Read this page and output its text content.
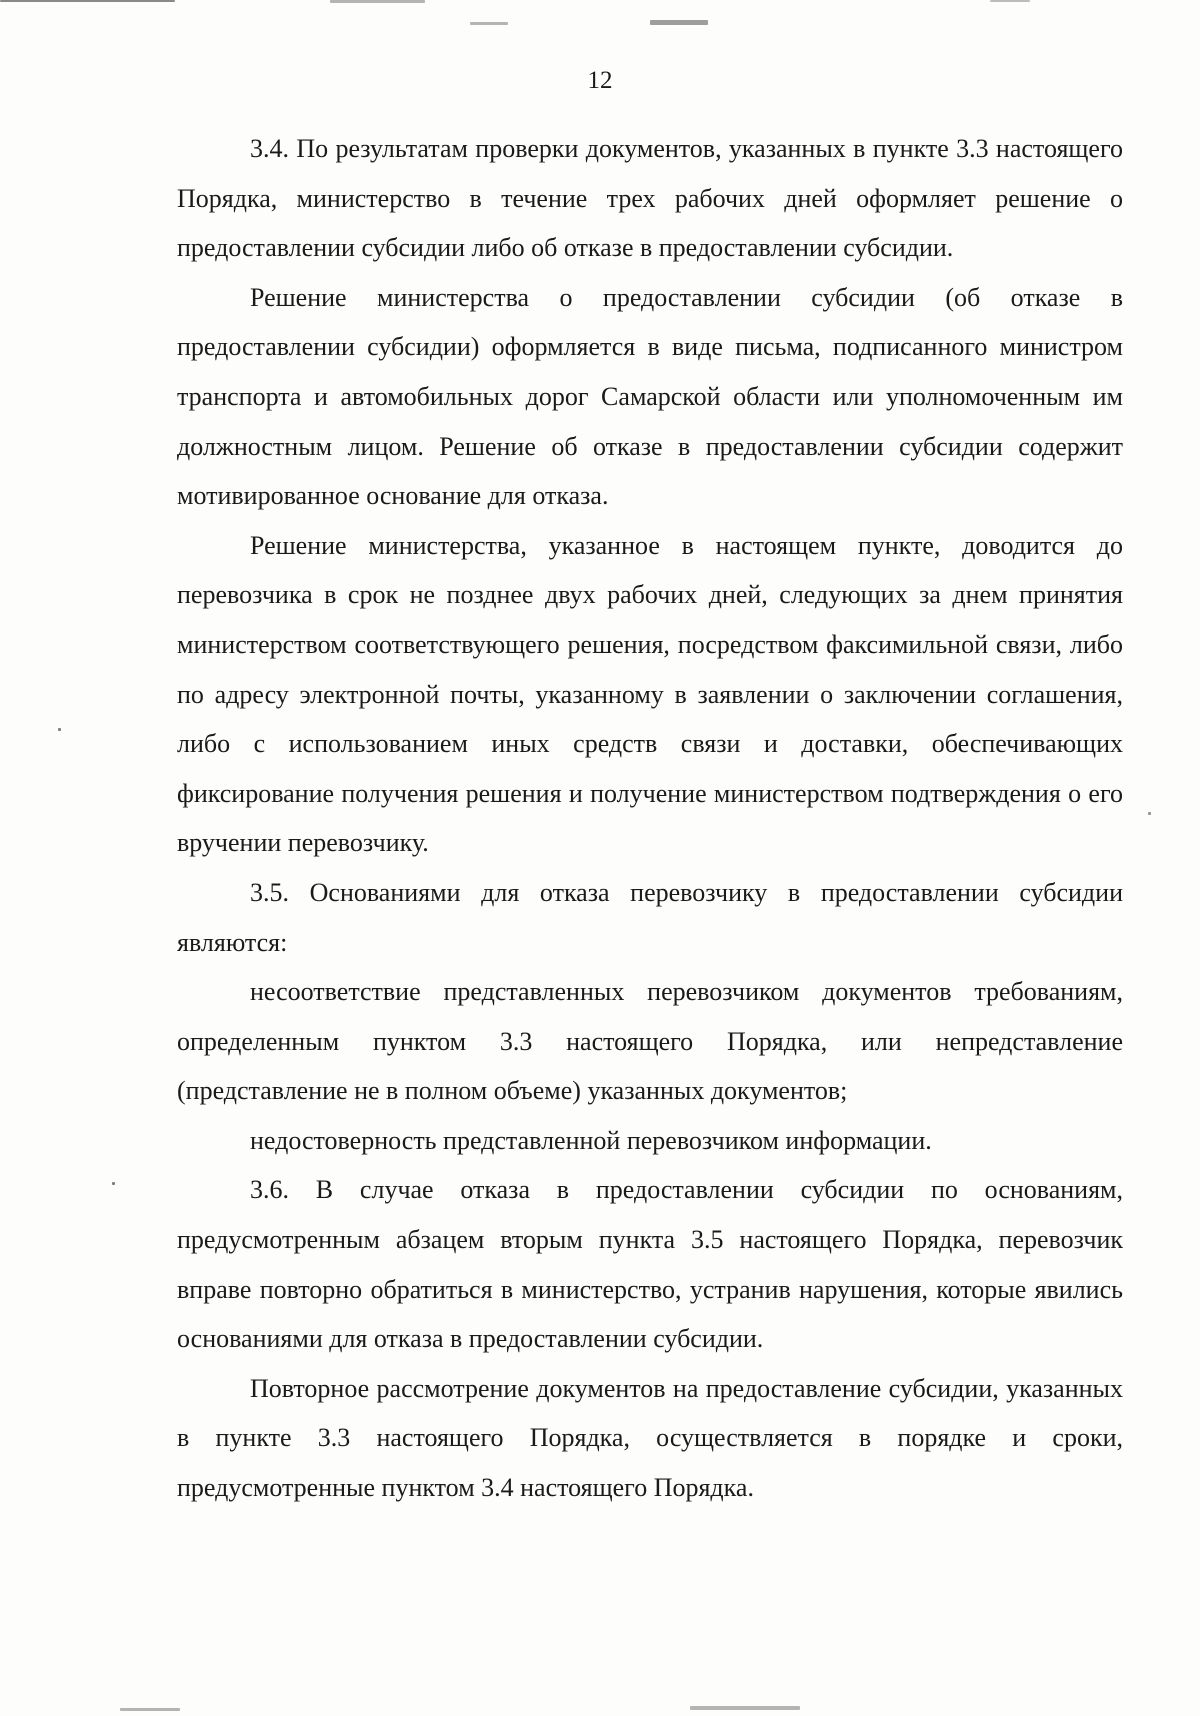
12

3.4. По результатам проверки документов, указанных в пункте 3.3 настоящего Порядка, министерство в течение трех рабочих дней оформляет решение о предоставлении субсидии либо об отказе в предоставлении субсидии.

Решение министерства о предоставлении субсидии (об отказе в предоставлении субсидии) оформляется в виде письма, подписанного министром транспорта и автомобильных дорог Самарской области или уполномоченным им должностным лицом. Решение об отказе в предоставлении субсидии содержит мотивированное основание для отказа.

Решение министерства, указанное в настоящем пункте, доводится до перевозчика в срок не позднее двух рабочих дней, следующих за днем принятия министерством соответствующего решения, посредством факсимильной связи, либо по адресу электронной почты, указанному в заявлении о заключении соглашения, либо с использованием иных средств связи и доставки, обеспечивающих фиксирование получения решения и получение министерством подтверждения о его вручении перевозчику.

3.5. Основаниями для отказа перевозчику в предоставлении субсидии являются:

несоответствие представленных перевозчиком документов требованиям, определенным пунктом 3.3 настоящего Порядка, или непредставление (представление не в полном объеме) указанных документов;

недостоверность представленной перевозчиком информации.

3.6. В случае отказа в предоставлении субсидии по основаниям, предусмотренным абзацем вторым пункта 3.5 настоящего Порядка, перевозчик вправе повторно обратиться в министерство, устранив нарушения, которые явились основаниями для отказа в предоставлении субсидии.

Повторное рассмотрение документов на предоставление субсидии, указанных в пункте 3.3 настоящего Порядка, осуществляется в порядке и сроки, предусмотренные пунктом 3.4 настоящего Порядка.
